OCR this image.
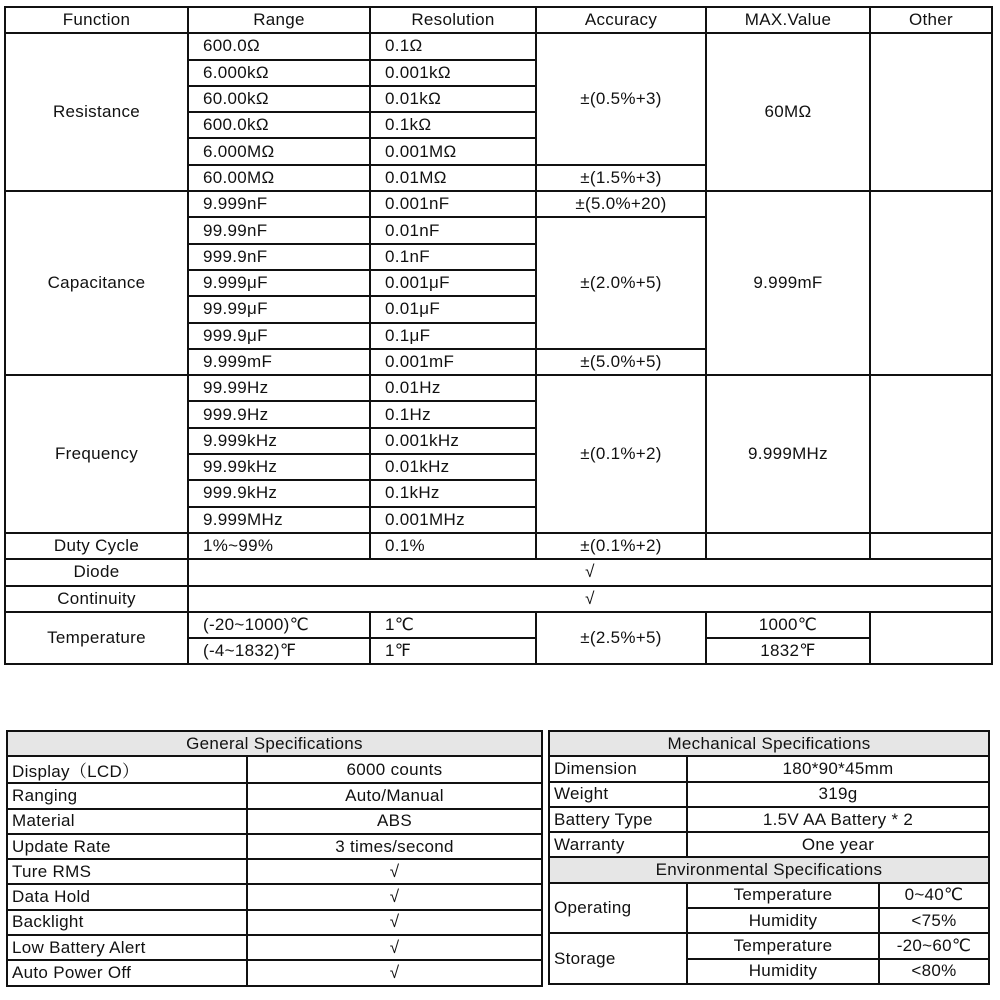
Function	Range	Resolution	Accuracy	MAX.Value	Other
Resistance	600.0Ω	0.1Ω	±(0.5%+3)	60MΩ	
	6.000kΩ	0.001kΩ			
	60.00kΩ	0.01kΩ			
	600.0kΩ	0.1kΩ			
	6.000MΩ	0.001MΩ			
	60.00MΩ	0.01MΩ	±(1.5%+3)		
Capacitance	9.999nF	0.001nF	±(5.0%+20)	9.999mF	
	99.99nF	0.01nF	±(2.0%+5)		
	999.9nF	0.1nF			
	9.999μF	0.001μF			
	99.99μF	0.01μF			
	999.9μF	0.1μF			
	9.999mF	0.001mF	±(5.0%+5)		
Frequency	99.99Hz	0.01Hz	±(0.1%+2)	9.999MHz	
	999.9Hz	0.1Hz			
	9.999kHz	0.001kHz			
	99.99kHz	0.01kHz			
	999.9kHz	0.1kHz			
	9.999MHz	0.001MHz			
Duty Cycle	1%~99%	0.1%	±(0.1%+2)		
Diode	√				
Continuity	√				
Temperature	(-20~1000)℃	1℃	±(2.5%+5)	1000℃	
	(-4~1832)℉	1℉		1832℉	
General Specifications	
Display（LCD）	6000 counts
Ranging	Auto/Manual
Material	ABS
Update Rate	3 times/second
Ture RMS	√
Data Hold	√
Backlight	√
Low Battery Alert	√
Auto Power Off	√
Mechanical Specifications		
Dimension	180*90*45mm	
Weight	319g	
Battery Type	1.5V AA Battery * 2	
Warranty	One year	
Environmental Specifications		
Operating	Temperature	0~40℃
	Humidity	<75%
Storage	Temperature	-20~60℃
	Humidity	<80%
